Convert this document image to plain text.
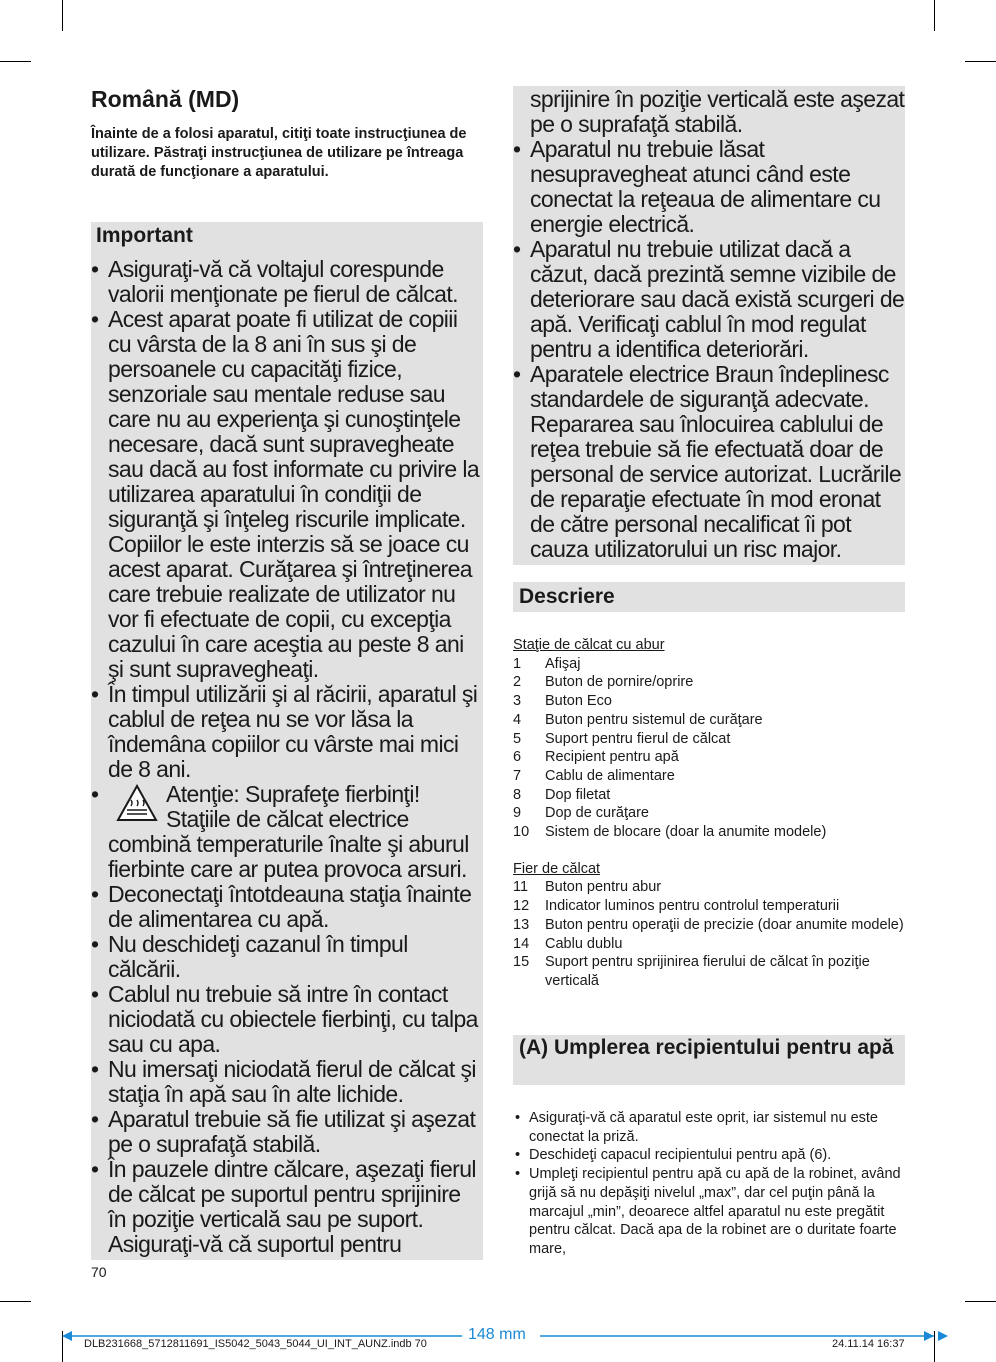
Română (MD)
Înainte de a folosi aparatul, citiţi toate instrucţiunea de utilizare. Păstraţi instrucţiunea de utilizare pe întreaga durată de funcţionare a aparatului.
Important
• Asiguraţi-vă că voltajul corespunde valorii menţionate pe fierul de călcat.
• Acest aparat poate fi utilizat de copiii cu vârsta de la 8 ani în sus şi de persoanele cu capacităţi fizice, senzoriale sau mentale reduse sau care nu au experienţa şi cunoştinţele necesare, dacă sunt supravegheate sau dacă au fost informate cu privire la utilizarea aparatului în condiţii de siguranţă şi înţeleg riscurile implicate. Copiilor le este interzis să se joace cu acest aparat. Curăţarea şi întreţinerea care trebuie realizate de utilizator nu vor fi efectuate de copii, cu excepţia cazului în care aceştia au peste 8 ani şi sunt supravegheaţi.
• În timpul utilizării şi al răcirii, aparatul şi cablul de reţea nu se vor lăsa la îndemâna copiilor cu vârste mai mici de 8 ani.
•	Atenţie: Suprafeţe fierbinţi!
Staţiile de călcat electrice
combină temperaturile înalte şi aburul fierbinte care ar putea provoca arsuri.
• Deconectaţi întotdeauna staţia înainte de alimentarea cu apă.
• Nu deschideţi cazanul în timpul călcării.
• Cablul nu trebuie să intre în contact niciodată cu obiectele fierbinţi, cu talpa sau cu apa.
• Nu imersaţi niciodată fierul de călcat şi staţia în apă sau în alte lichide.
• Aparatul trebuie să fie utilizat şi aşezat pe o suprafaţă stabilă.
• În pauzele dintre călcare, aşezaţi fierul de călcat pe suportul pentru sprijinire în poziţie verticală sau pe suport. Asiguraţi-vă că suportul pentru
70
sprijinire în poziţie verticală este aşezat pe o suprafaţă stabilă.
• Aparatul nu trebuie lăsat nesupravegheat atunci când este conectat la reţeaua de alimentare cu energie electrică.
• Aparatul nu trebuie utilizat dacă a căzut, dacă prezintă semne vizibile de deteriorare sau dacă există scurgeri de apă. Verificaţi cablul în mod regulat pentru a identifica deteriorări.
• Aparatele electrice Braun îndeplinesc standardele de siguranţă adecvate. Repararea sau înlocuirea cablului de reţea trebuie să fie efectuată doar de personal de service autorizat. Lucrările de reparaţie efectuate în mod eronat de către personal necalificat îi pot cauza utilizatorului un risc major.
Descriere
Staţie de călcat cu abur
1	Afişaj
2	Buton de pornire/oprire
3	Buton Eco
4	Buton pentru sistemul de curăţare
5	Suport pentru fierul de călcat
6	Recipient pentru apă
7	Cablu de alimentare
8	Dop filetat
9	Dop de curăţare
10	Sistem de blocare (doar la anumite modele)
Fier de călcat
11	Buton pentru abur
12	Indicator luminos pentru controlul temperaturii
13	Buton pentru operaţii de precizie (doar anumite modele)
14	Cablu dublu
15	Suport pentru sprijinirea fierului de călcat în poziţie verticală
(A) Umplerea recipientului pentru apă
• Asiguraţi-vă că aparatul este oprit, iar sistemul nu este conectat la priză.
• Deschideţi capacul recipientului pentru apă (6).
• Umpleţi recipientul pentru apă cu apă de la robinet, având grijă să nu depăşiţi nivelul „max”, dar cel puţin până la marcajul „min”, deoarece altfel aparatul nu este pregătit pentru călcat. Dacă apa de la robinet are o duritate foarte mare,
148 mm
DLB231668_5712811691_IS5042_5043_5044_UI_INT_AUNZ.indb 70	24.11.14 16:37
